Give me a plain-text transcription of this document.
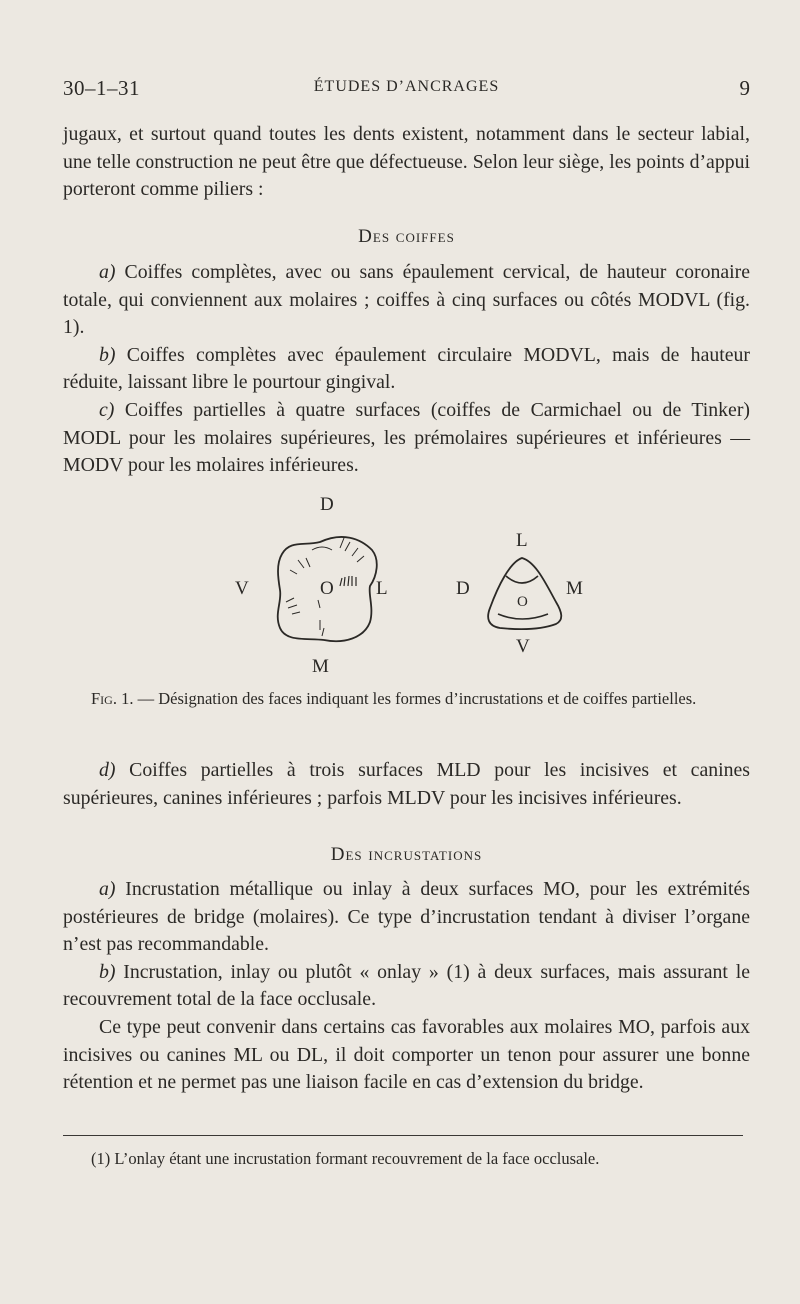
30–1–31	ÉTUDES D’ANCRAGES	9

jugaux, et surtout quand toutes les dents existent, notamment dans le secteur labial, une telle construction ne peut être que défectueuse. Selon leur siège, les points d’appui porteront comme piliers :

Des coiffes

a) Coiffes complètes, avec ou sans épaulement cervical, de hauteur coronaire totale, qui conviennent aux molaires ; coiffes à cinq surfaces ou côtés MODVL (fig. 1).

b) Coiffes complètes avec épaulement circulaire MODVL, mais de hauteur réduite, laissant libre le pourtour gingival.

c) Coiffes partielles à quatre surfaces (coiffes de Carmichael ou de Tinker) MODL pour les molaires supérieures, les prémolaires supérieures et inférieures — MODV pour les molaires inférieures.

D
V	O L
M
L
D
O
M
V

Fig. 1. — Désignation des faces indiquant les formes d’incrustations et de coiffes partielles.

d) Coiffes partielles à trois surfaces MLD pour les incisives et canines supérieures, canines inférieures ; parfois MLDV pour les incisives inférieures.

Des incrustations

a) Incrustation métallique ou inlay à deux surfaces MO, pour les extrémités postérieures de bridge (molaires). Ce type d’incrustation tendant à diviser l’organe n’est pas recommandable.

b) Incrustation, inlay ou plutôt « onlay » (1) à deux surfaces, mais assurant le recouvrement total de la face occlusale.

Ce type peut convenir dans certains cas favorables aux molaires MO, parfois aux incisives ou canines ML ou DL, il doit comporter un tenon pour assurer une bonne rétention et ne permet pas une liaison facile en cas d’extension du bridge.

(1) L’onlay étant une incrustation formant recouvrement de la face occlusale.
